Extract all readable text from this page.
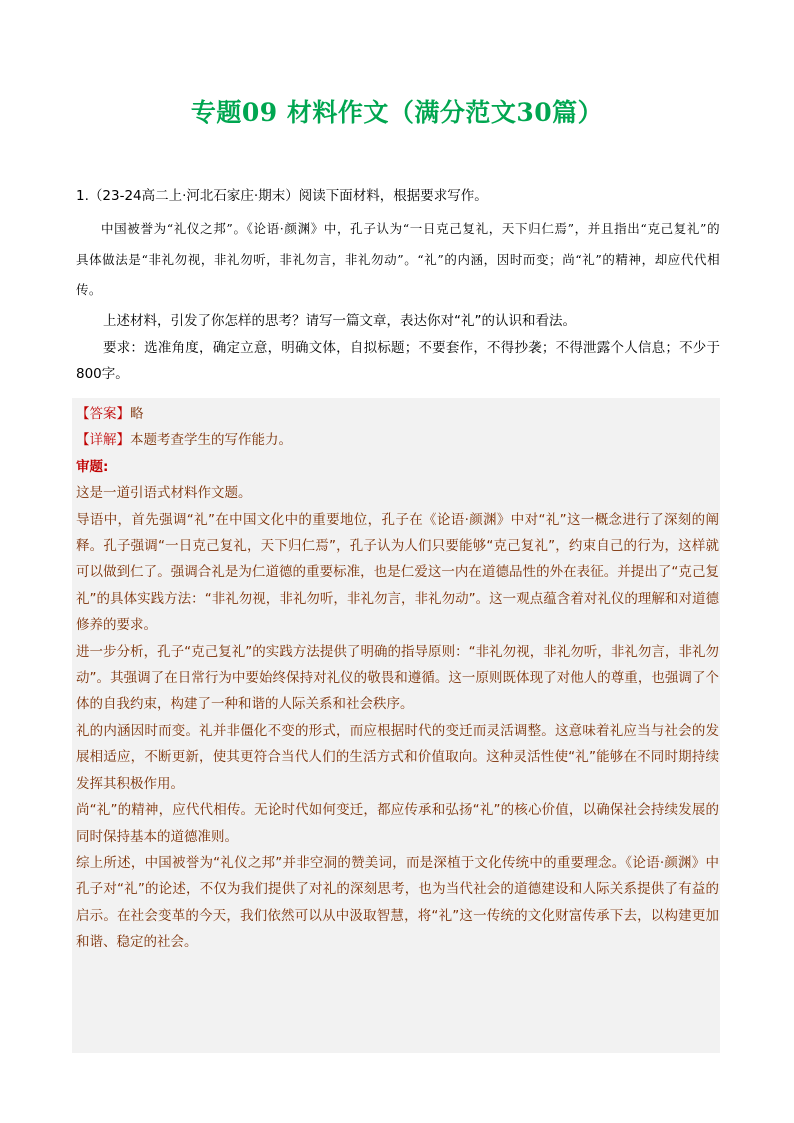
专题09 材料作文（满分范文30篇）
1.（23-24高二上·河北石家庄·期末）阅读下面材料，根据要求写作。

中国被誉为“礼仪之邦”。《论语·颜渊》中，孔子认为“一日克己复礼，天下归仁焉”，并且指出“克己复礼”的具体做法是“非礼勿视，非礼勿听，非礼勿言，非礼勿动”。“礼”的内涵，因时而变；尚“礼”的精神，却应代代相传。

上述材料，引发了你怎样的思考？请写一篇文章，表达你对“礼”的认识和看法。

要求：选准角度，确定立意，明确文体，自拟标题；不要套作，不得抄袭；不得泄露个人信息；不少于800字。

【答案】略

【详解】本题考查学生的写作能力。

审题:

这是一道引语式材料作文题。

导语中，首先强调“礼”在中国文化中的重要地位，孔子在《论语·颜渊》中对“礼”这一概念进行了深刻的阐释。孔子强调“一日克己复礼，天下归仁焉”，孔子认为人们只要能够“克己复礼”，约束自己的行为，这样就可以做到仁了。强调合礼是为仁道德的重要标准，也是仁爱这一内在道德品性的外在表征。并提出了“克己复礼”的具体实践方法：“非礼勿视，非礼勿听，非礼勿言，非礼勿动”。这一观点蕴含着对礼仪的理解和对道德修养的要求。

进一步分析，孔子“克己复礼”的实践方法提供了明确的指导原则：“非礼勿视，非礼勿听，非礼勿言，非礼勿动”。其强调了在日常行为中要始终保持对礼仪的敬畏和遵循。这一原则既体现了对他人的尊重，也强调了个体的自我约束，构建了一种和谐的人际关系和社会秩序。

礼的内涵因时而变。礼并非僵化不变的形式，而应根据时代的变迁而灵活调整。这意味着礼应当与社会的发展相适应，不断更新，使其更符合当代人们的生活方式和价值取向。这种灵活性使“礼”能够在不同时期持续发挥其积极作用。

尚“礼”的精神，应代代相传。无论时代如何变迁，都应传承和弘扬“礼”的核心价值，以确保社会持续发展的同时保持基本的道德准则。

综上所述，中国被誉为“礼仪之邦”并非空洞的赞美词，而是深植于文化传统中的重要理念。《论语·颜渊》中孔子对“礼”的论述，不仅为我们提供了对礼的深刻思考，也为当代社会的道德建设和人际关系提供了有益的启示。在社会变革的今天，我们依然可以从中汲取智慧，将“礼”这一传统的文化财富传承下去，以构建更加和谐、稳定的社会。
